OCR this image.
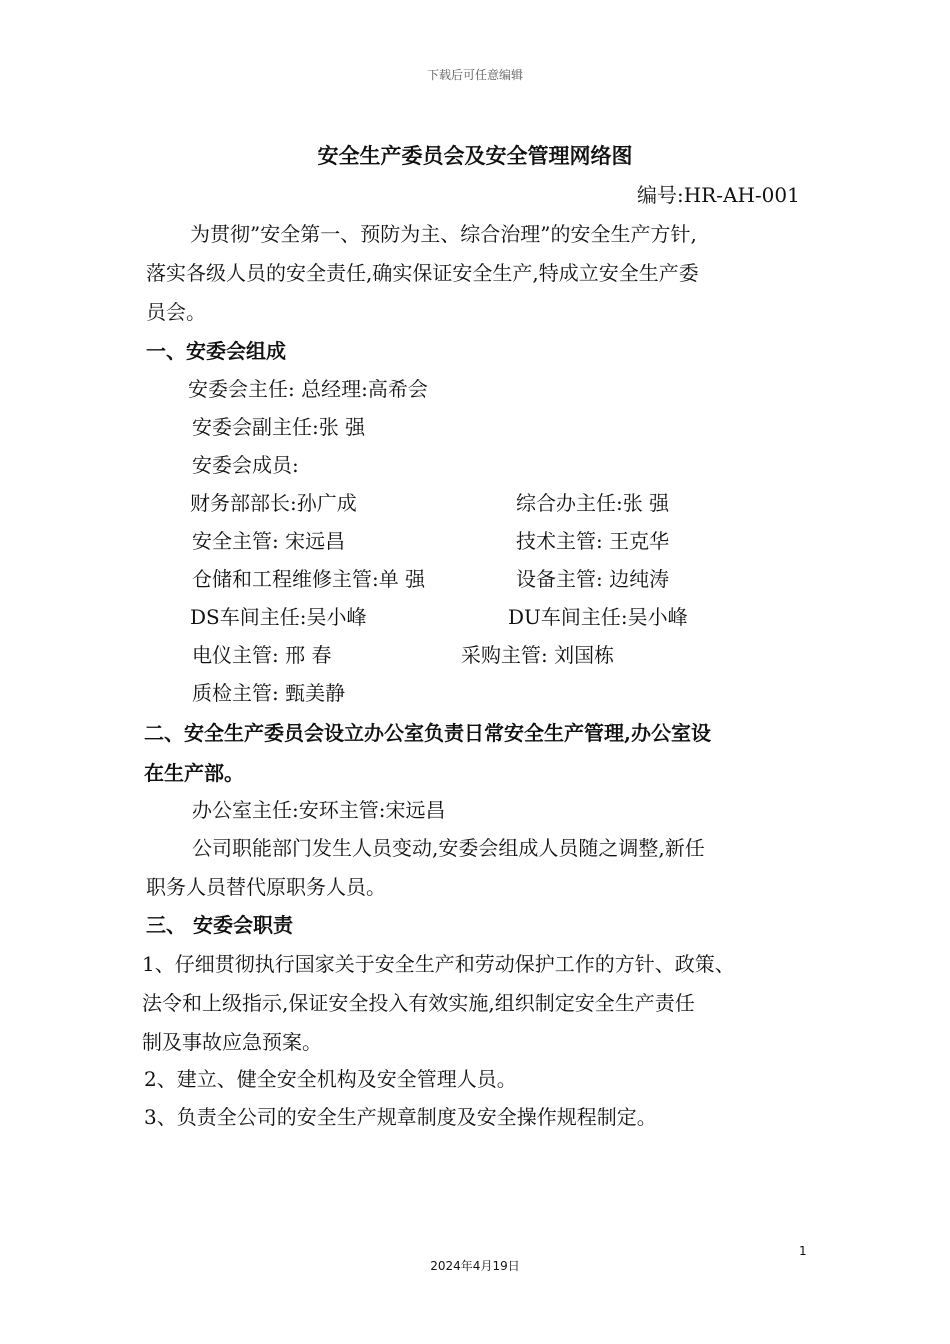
下载后可任意编辑
安全生产委员会及安全管理网络图
编号:HR-AH-001
为贯彻”安全第一、预防为主、综合治理”的安全生产方针,
落实各级人员的安全责任,确实保证安全生产,特成立安全生产委
员会。
一、安委会组成
安委会主任: 总经理:高希会
安委会副主任:张 强
安委会成员:
财务部部长:孙广成	综合办主任:张 强
安全主管: 宋远昌	技术主管: 王克华
仓储和工程维修主管:单 强	设备主管: 边纯涛
DS车间主任:吴小峰	DU车间主任:吴小峰
电仪主管: 邢 春	采购主管: 刘国栋
质检主管: 甄美静
二、安全生产委员会设立办公室负责日常安全生产管理,办公室设
在生产部。
办公室主任:安环主管:宋远昌
公司职能部门发生人员变动,安委会组成人员随之调整,新任
职务人员替代原职务人员。
三、 安委会职责
1、仔细贯彻执行国家关于安全生产和劳动保护工作的方针、政策、
法令和上级指示,保证安全投入有效实施,组织制定安全生产责任
制及事故应急预案。
2、建立、健全安全机构及安全管理人员。
3、负责全公司的安全生产规章制度及安全操作规程制定。
1
2024年4月19日
